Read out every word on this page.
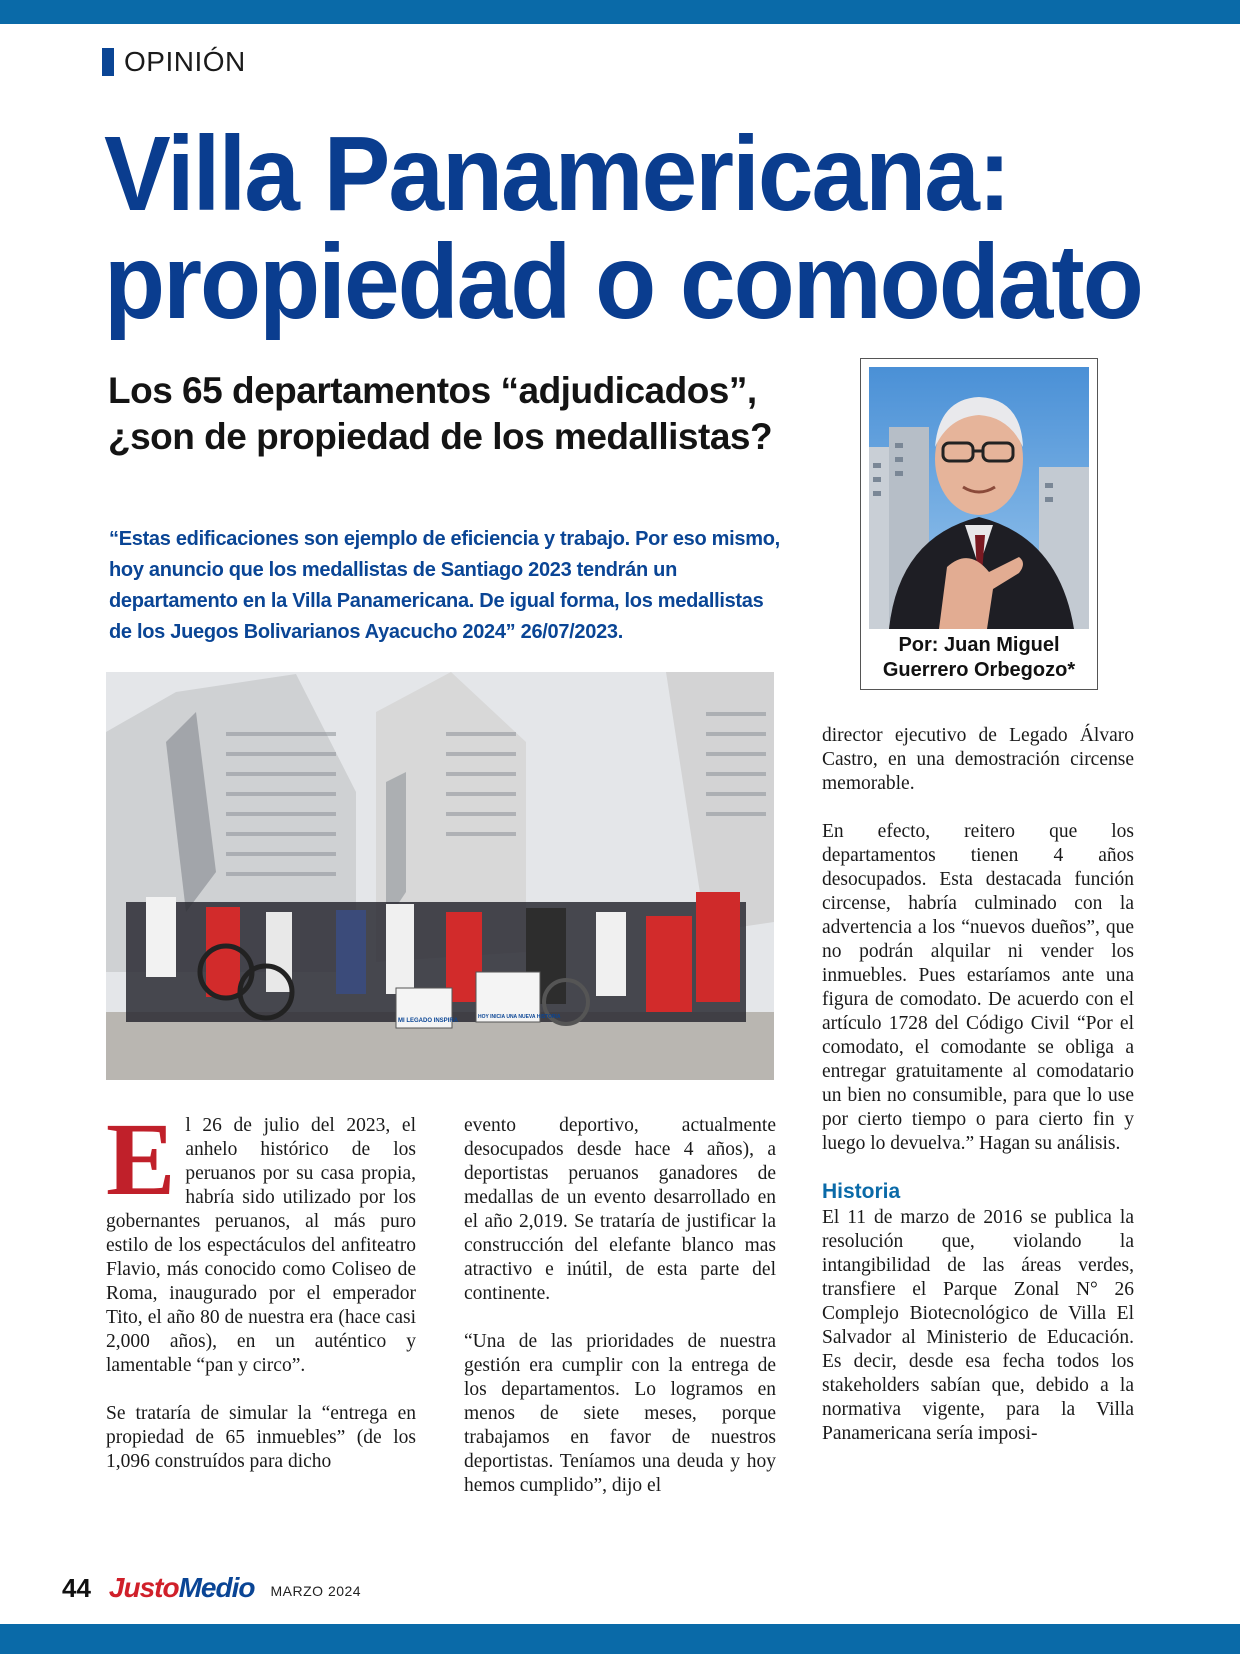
OPINIÓN
Villa Panamericana:
propiedad o comodato
Los 65 departamentos “adjudicados”,
¿son de propiedad de los medallistas?

“Estas edificaciones son ejemplo de eficiencia y trabajo. Por eso mismo, hoy anuncio que los medallistas de Santiago 2023 tendrán un departamento en la Villa Panamericana. De igual forma, los medallistas de los Juegos Bolivarianos Ayacucho 2024” 26/07/2023.

Por: Juan Miguel
Guerrero Orbegozo*
MI LEGADO INSPIRA
HOY INICIA UNA NUEVA HISTORIA

El 26 de julio del 2023, el anhelo histórico de los peruanos por su casa propia, habría sido utilizado por los gobernantes peruanos, al más puro estilo de los espectáculos del anfiteatro Flavio, más conocido como Coliseo de Roma, inaugurado por el emperador Tito, el año 80 de nuestra era (hace casi 2,000 años), en un auténtico y lamentable “pan y circo”.

Se trataría de simular la “entrega en propiedad de 65 inmuebles” (de los 1,096 construídos para dicho

evento deportivo, actualmente desocupados desde hace 4 años), a deportistas peruanos ganadores de medallas de un evento desarrollado en el año 2,019. Se trataría de justificar la construcción del elefante blanco mas atractivo e inútil, de esta parte del continente.

“Una de las prioridades de nuestra gestión era cumplir con la entrega de los departamentos. Lo logramos en menos de siete meses, porque trabajamos en favor de nuestros deportistas. Teníamos una deuda y hoy hemos cumplido”, dijo el

director ejecutivo de Legado Álvaro Castro, en una demostración circense memorable.

En efecto, reitero que los departamentos tienen 4 años desocupados. Esta destacada función circense, habría culminado con la advertencia a los “nuevos dueños”, que no podrán alquilar ni vender los inmuebles. Pues estaríamos ante una figura de comodato. De acuerdo con el artículo 1728 del Código Civil “Por el comodato, el comodante se obliga a entregar gratuitamente al comodatario un bien no consumible, para que lo use por cierto tiempo o para cierto fin y luego lo devuelva.” Hagan su análisis.

Historia

El 11 de marzo de 2016 se publica la resolución que, violando la intangibilidad de las áreas verdes, transfiere el Parque Zonal N° 26 Complejo Biotecnológico de Villa El Salvador al Ministerio de Educación. Es decir, desde esa fecha todos los stakeholders sabían que, debido a la normativa vigente, para la Villa Panamericana sería imposi-

44 JustoMedio MARZO 2024
